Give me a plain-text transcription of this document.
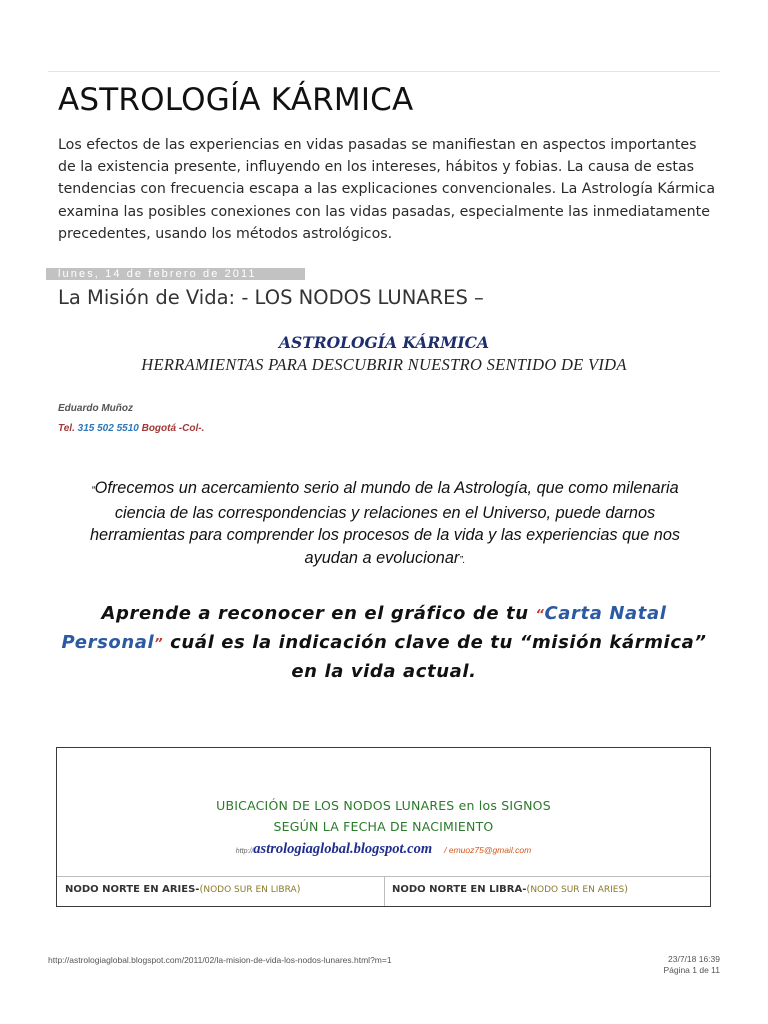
ASTROLOGÍA KÁRMICA

Los efectos de las experiencias en vidas pasadas se manifiestan en aspectos importantes de la existencia presente, influyendo en los intereses, hábitos y fobias. La causa de estas tendencias con frecuencia escapa a las explicaciones convencionales. La Astrología Kármica examina las posibles conexiones con las vidas pasadas, especialmente las inmediatamente precedentes, usando los métodos astrológicos.

lunes, 14 de febrero de 2011
La Misión de Vida: - LOS NODOS LUNARES –
ASTROLOGÍA KÁRMICA
HERRAMIENTAS PARA DESCUBRIR NUESTRO SENTIDO DE VIDA
Eduardo Muñoz
Tel. 315 502 5510 Bogotá -Col-.
“Ofrecemos un acercamiento serio al mundo de la Astrología, que como milenaria ciencia de las correspondencias y relaciones en el Universo, puede darnos herramientas para comprender los procesos de la vida y las experiencias que nos ayudan a evolucionar”.
Aprende a reconocer en el gráfico de tu “Carta Natal Personal” cuál es la indicación clave de tu “misión kármica” en la vida actual.
UBICACIÓN DE LOS NODOS LUNARES en los SIGNOS
SEGÚN LA FECHA DE NACIMIENTO
http://astrologiaglobal.blogspot.com / emuoz75@gmail.com
NODO NORTE EN ARIES-(NODO SUR EN LIBRA)	NODO NORTE EN LIBRA-(NODO SUR EN ARIES)
http://astrologiaglobal.blogspot.com/2011/02/la-mision-de-vida-los-nodos-lunares.html?m=1	23/7/18 16:39
Página 1 de 11
